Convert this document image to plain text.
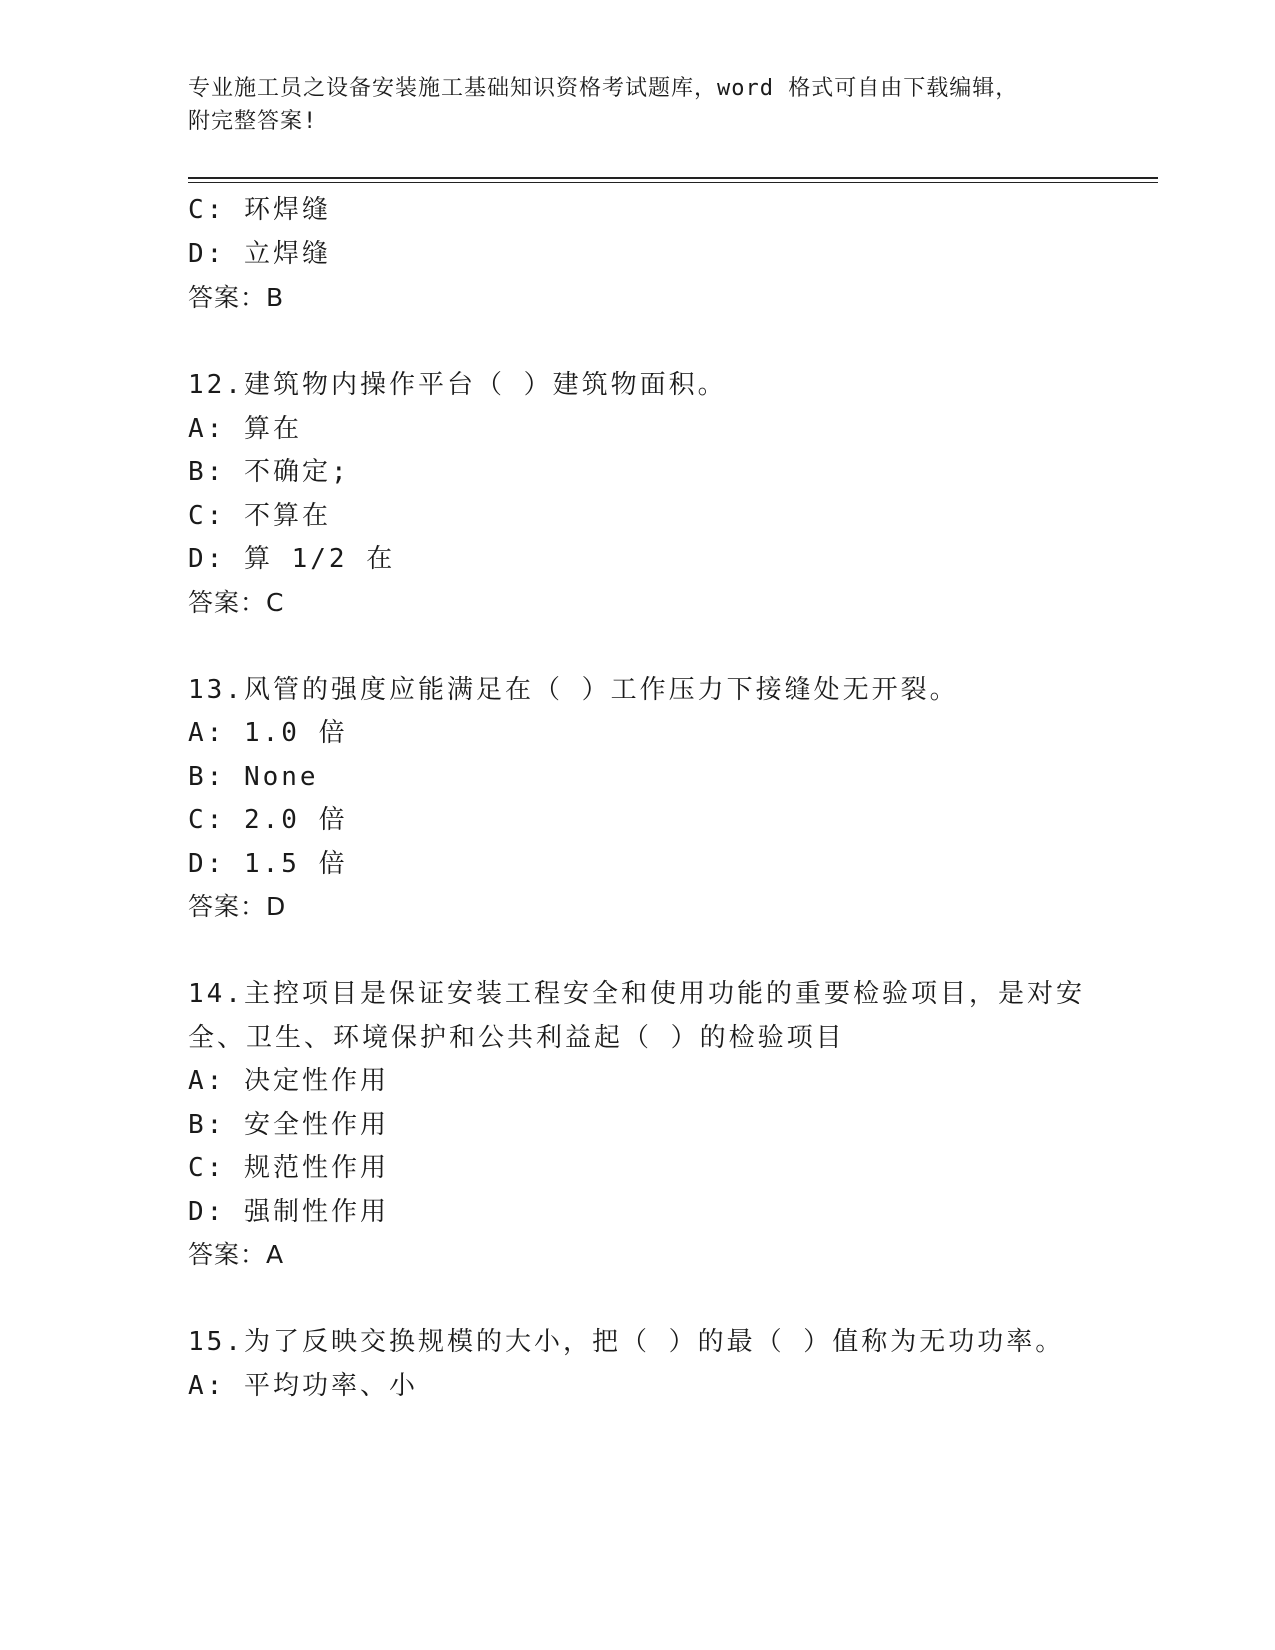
专业施工员之设备安装施工基础知识资格考试题库，word 格式可自由下载编辑，
附完整答案!
C: 环焊缝
D: 立焊缝
答案：B
12.建筑物内操作平台（ ）建筑物面积。
A: 算在
B: 不确定;
C: 不算在
D: 算 1/2 在
答案：C
13.风管的强度应能满足在（ ）工作压力下接缝处无开裂。
A: 1.0 倍
B: None
C: 2.0 倍
D: 1.5 倍
答案：D
14.主控项目是保证安装工程安全和使用功能的重要检验项目，是对安
全、卫生、环境保护和公共利益起（ ）的检验项目
A: 决定性作用
B: 安全性作用
C: 规范性作用
D: 强制性作用
答案：A
15.为了反映交换规模的大小，把（ ）的最（ ）值称为无功功率。
A: 平均功率、小
